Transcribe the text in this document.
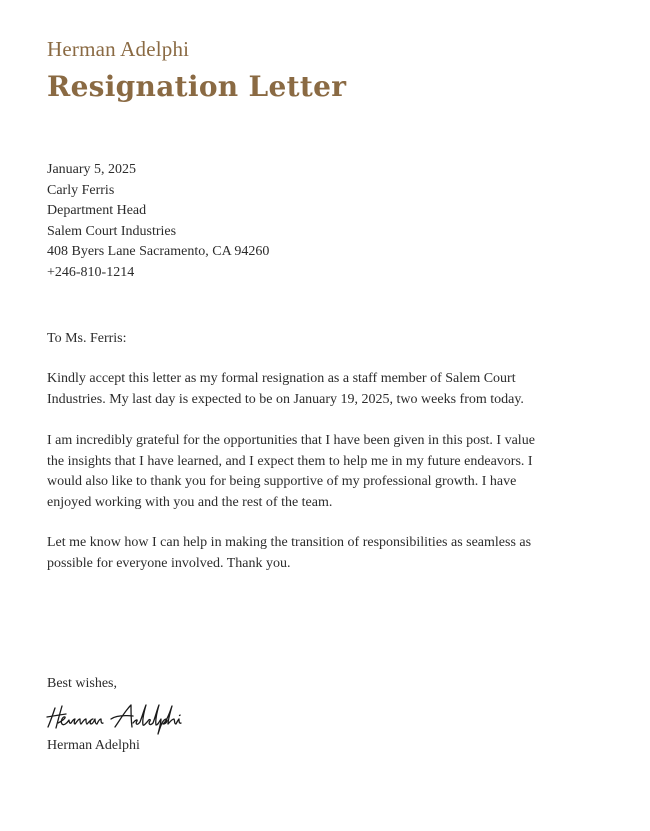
Herman Adelphi
Resignation Letter
January 5, 2025
Carly Ferris
Department Head
Salem Court Industries
408 Byers Lane Sacramento, CA 94260
+246-810-1214
To Ms. Ferris:

Kindly accept this letter as my formal resignation as a staff member of Salem Court
Industries. My last day is expected to be on January 19, 2025, two weeks from today.

I am incredibly grateful for the opportunities that I have been given in this post. I value
the insights that I have learned, and I expect them to help me in my future endeavors. I
would also like to thank you for being supportive of my professional growth. I have
enjoyed working with you and the rest of the team.

Let me know how I can help in making the transition of responsibilities as seamless as
possible for everyone involved. Thank you.

Best wishes,
Herman Adelphi
